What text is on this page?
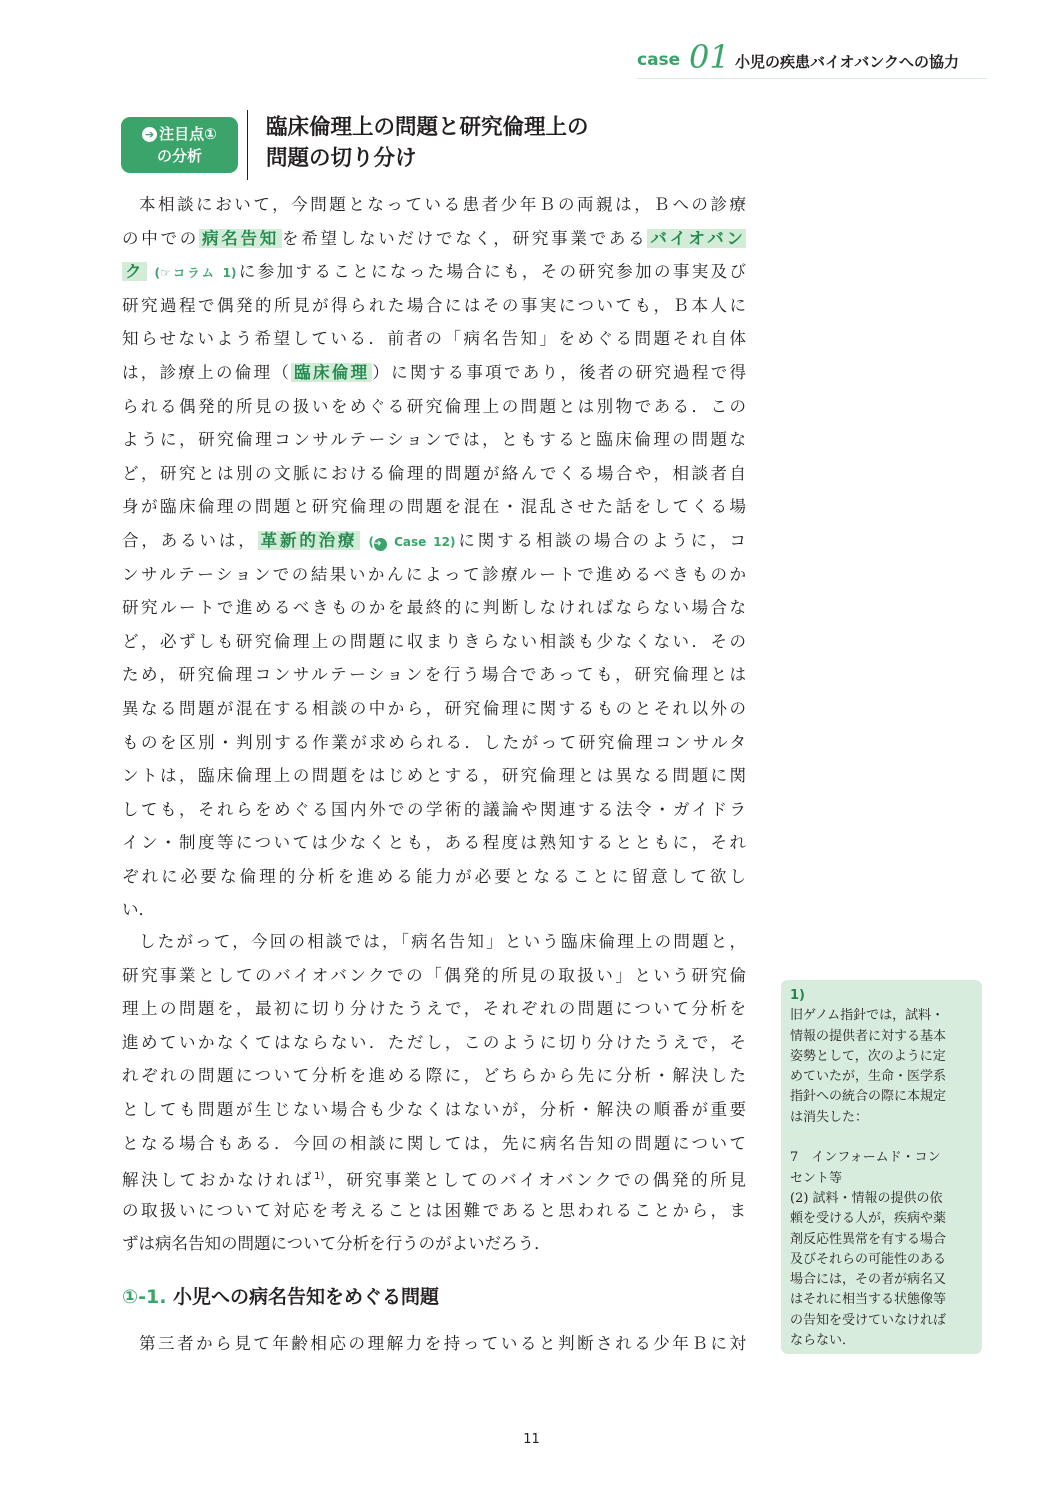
case 01 小児の疾患バイオバンクへの協力
➔ 注目点①
の分析
臨床倫理上の問題と研究倫理上の
問題の切り分け
本相談において，今問題となっている患者少年Ｂの両親は，Ｂへの診療
の中での 病名告知 を希望しないだけでなく，研究事業である バイオバン
ク (☞コラム 1)に参加することになった場合にも，その研究参加の事実及び
研究過程で偶発的所見が得られた場合にはその事実についても，Ｂ本人に
知らせないよう希望している．前者の「病名告知」をめぐる問題それ自体
は，診療上の倫理（ 臨床倫理 ）に関する事項であり，後者の研究過程で得
られる偶発的所見の扱いをめぐる研究倫理上の問題とは別物である．この
ように，研究倫理コンサルテーションでは，ともすると臨床倫理の問題な
ど，研究とは別の文脈における倫理的問題が絡んでくる場合や，相談者自
身が臨床倫理の問題と研究倫理の問題を混在・混乱させた話をしてくる場
合，あるいは， 革新的治療 (➔ Case 12)に関する相談の場合のように，コ
ンサルテーションでの結果いかんによって診療ルートで進めるべきものか
研究ルートで進めるべきものかを最終的に判断しなければならない場合な
ど，必ずしも研究倫理上の問題に収まりきらない相談も少なくない．その
ため，研究倫理コンサルテーションを行う場合であっても，研究倫理とは
異なる問題が混在する相談の中から，研究倫理に関するものとそれ以外の
ものを区別・判別する作業が求められる．したがって研究倫理コンサルタ
ントは，臨床倫理上の問題をはじめとする，研究倫理とは異なる問題に関
しても，それらをめぐる国内外での学術的議論や関連する法令・ガイドラ
イン・制度等については少なくとも，ある程度は熟知するとともに，それ
ぞれに必要な倫理的分析を進める能力が必要となることに留意して欲し
い．
したがって，今回の相談では，「病名告知」という臨床倫理上の問題と，
研究事業としてのバイオバンクでの「偶発的所見の取扱い」という研究倫
理上の問題を，最初に切り分けたうえで，それぞれの問題について分析を
進めていかなくてはならない．ただし，このように切り分けたうえで，そ
れぞれの問題について分析を進める際に，どちらから先に分析・解決した
としても問題が生じない場合も少なくはないが，分析・解決の順番が重要
となる場合もある．今回の相談に関しては，先に病名告知の問題について
解決しておかなければ$^{1)}$，研究事業としてのバイオバンクでの偶発的所見
の取扱いについて対応を考えることは困難であると思われることから，ま
ずは病名告知の問題について分析を行うのがよいだろう．
①-1. 小児への病名告知をめぐる問題
第三者から見て年齢相応の理解力を持っていると判断される少年Ｂに対
1)
旧ゲノム指針では，試料・
情報の提供者に対する基本
姿勢として，次のように定
めていたが，生命・医学系
指針への統合の際に本規定
は消失した：
7　インフォームド・コン
セント等
(2) 試料・情報の提供の依
頼を受ける人が，疾病や薬
剤反応性異常を有する場合
及びそれらの可能性のある
場合には，その者が病名又
はそれに相当する状態像等
の告知を受けていなければ
ならない．
11
